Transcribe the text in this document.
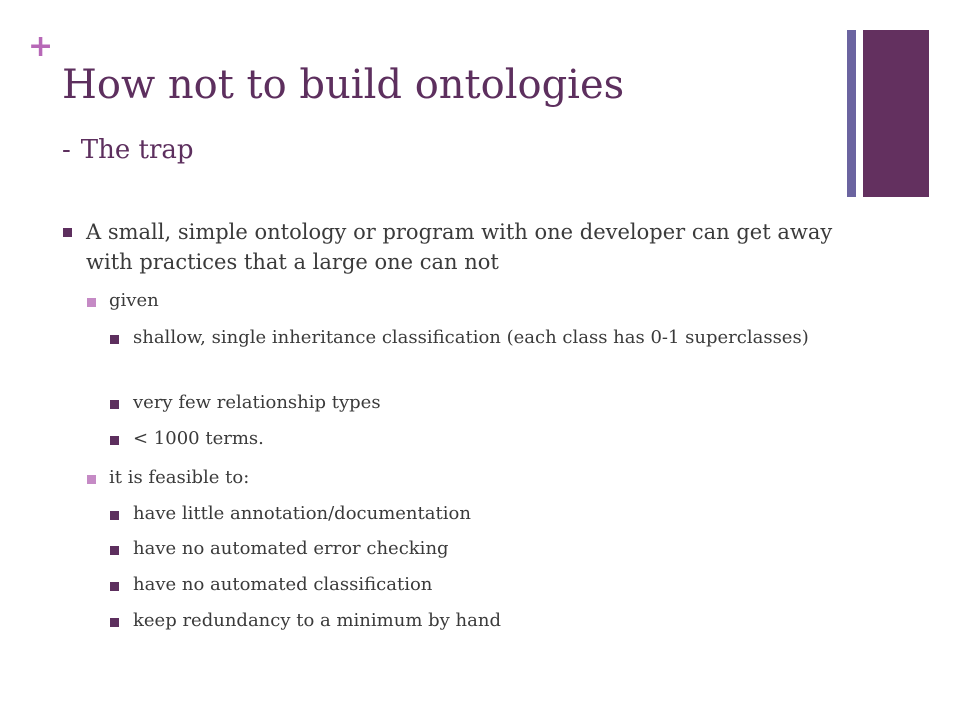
+
How not to build ontologies
- The trap
A small, simple ontology or program with one developer can get away with practices that a large one can not
given
shallow, single inheritance classification (each class has 0-1 superclasses)
very few relationship types
< 1000 terms.
it is feasible to:
have little annotation/documentation
have no automated error checking
have no automated classification
keep redundancy to a minimum by hand
